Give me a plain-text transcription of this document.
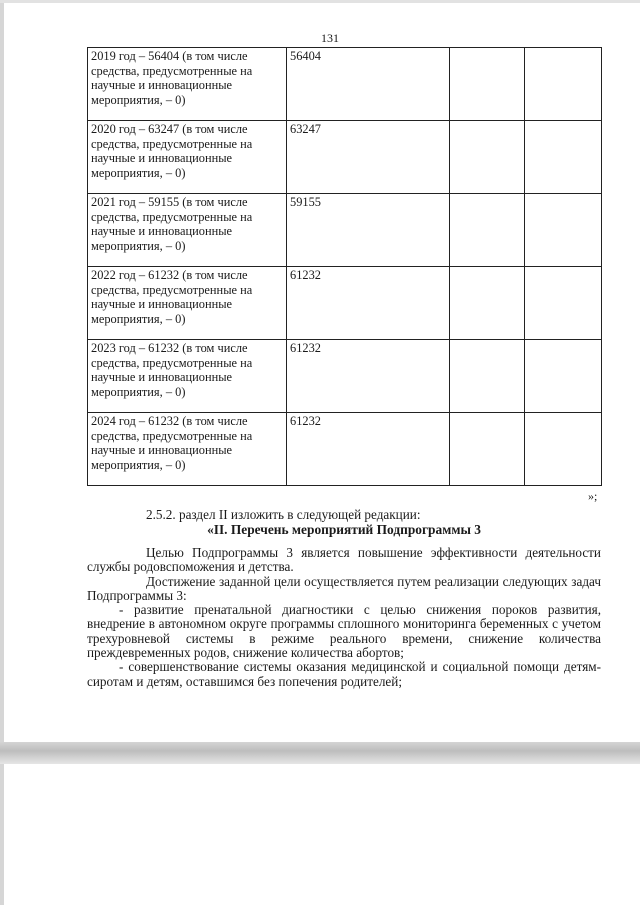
131
2019 год – 56404 (в том числе средства, предусмотренные на научные и инновационные мероприятия, – 0)	56404		
2020 год – 63247 (в том числе средства, предусмотренные на научные и инновационные мероприятия, – 0)	63247		
2021 год – 59155 (в том числе средства, предусмотренные на научные и инновационные мероприятия, – 0)	59155		
2022 год – 61232 (в том числе средства, предусмотренные на научные и инновационные мероприятия, – 0)	61232		
2023 год – 61232 (в том числе средства, предусмотренные на научные и инновационные мероприятия, – 0)	61232		
2024 год – 61232 (в том числе средства, предусмотренные на научные и инновационные мероприятия, – 0)	61232		
»;
2.5.2. раздел II изложить в следующей редакции:
«II. Перечень мероприятий Подпрограммы 3

Целью Подпрограммы 3 является повышение эффективности деятельности службы родовспоможения и детства.

Достижение заданной цели осуществляется путем реализации следующих задач Подпрограммы 3:

- развитие пренатальной диагностики с целью снижения пороков развития, внедрение в автономном округе программы сплошного мониторинга беременных с учетом трехуровневой системы в режиме реального времени, снижение количества преждевременных родов, снижение количества абортов;

- совершенствование системы оказания медицинской и социальной помощи детям-сиротам и детям, оставшимся без попечения родителей;
